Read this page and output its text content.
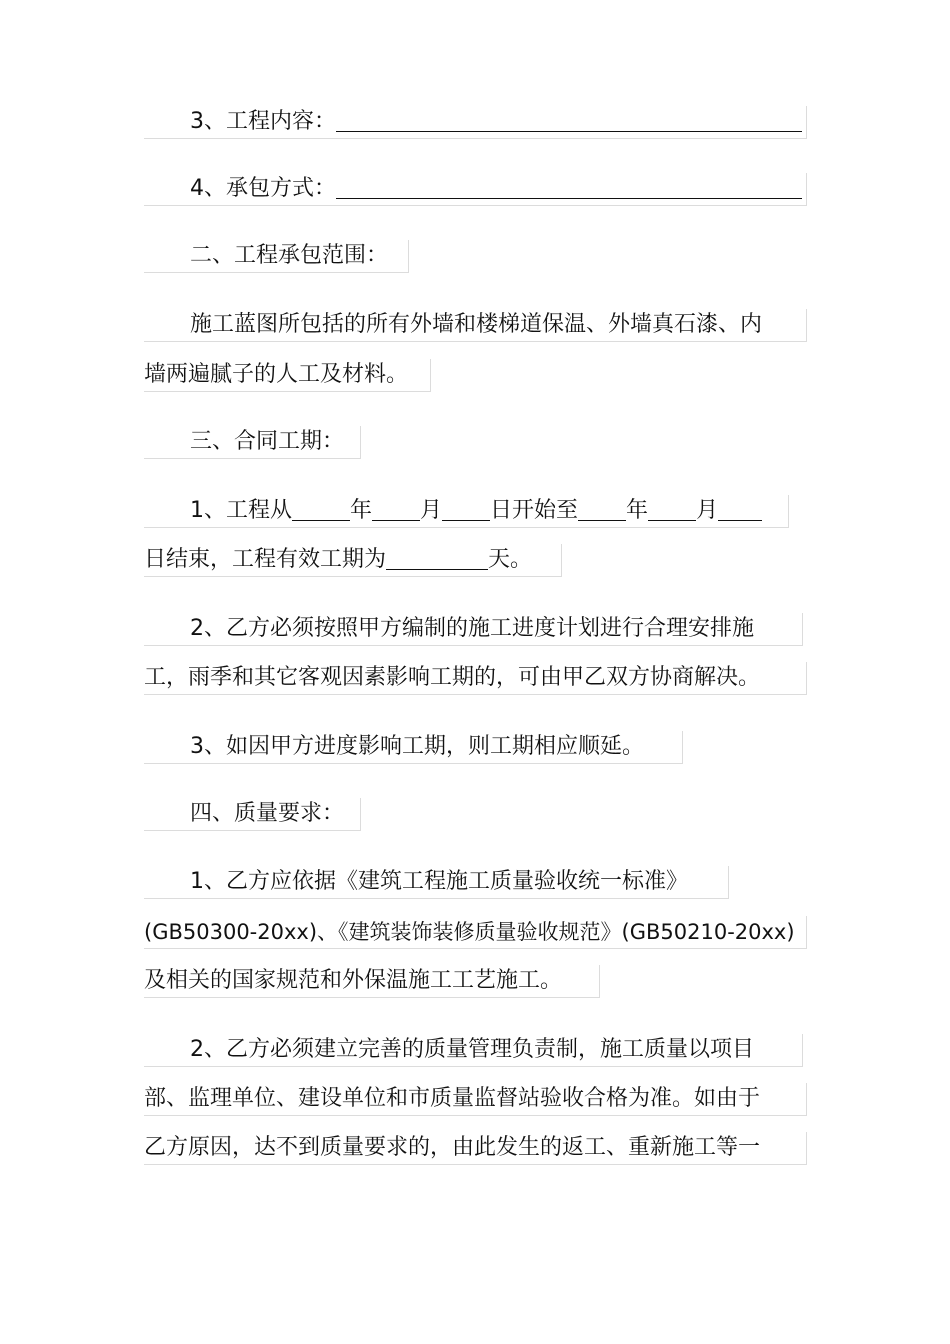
3、工程内容：
4、承包方式：
二、工程承包范围：
施工蓝图所包括的所有外墙和楼梯道保温、外墙真石漆、内
墙两遍腻子的人工及材料。
三、合同工期：
1、工程从	年 月 日开始至 年 月
日结束，工程有效工期为	天。
2、乙方必须按照甲方编制的施工进度计划进行合理安排施
工，雨季和其它客观因素影响工期的，可由甲乙双方协商解决。
3、如因甲方进度影响工期，则工期相应顺延。
四、质量要求：
1、乙方应依据《建筑工程施工质量验收统一标准》
(GB50300-20xx)、《建筑装饰装修质量验收规范》(GB50210-20xx)
及相关的国家规范和外保温施工工艺施工。
2、乙方必须建立完善的质量管理负责制，施工质量以项目
部、监理单位、建设单位和市质量监督站验收合格为准。如由于
乙方原因，达不到质量要求的，由此发生的返工、重新施工等一
